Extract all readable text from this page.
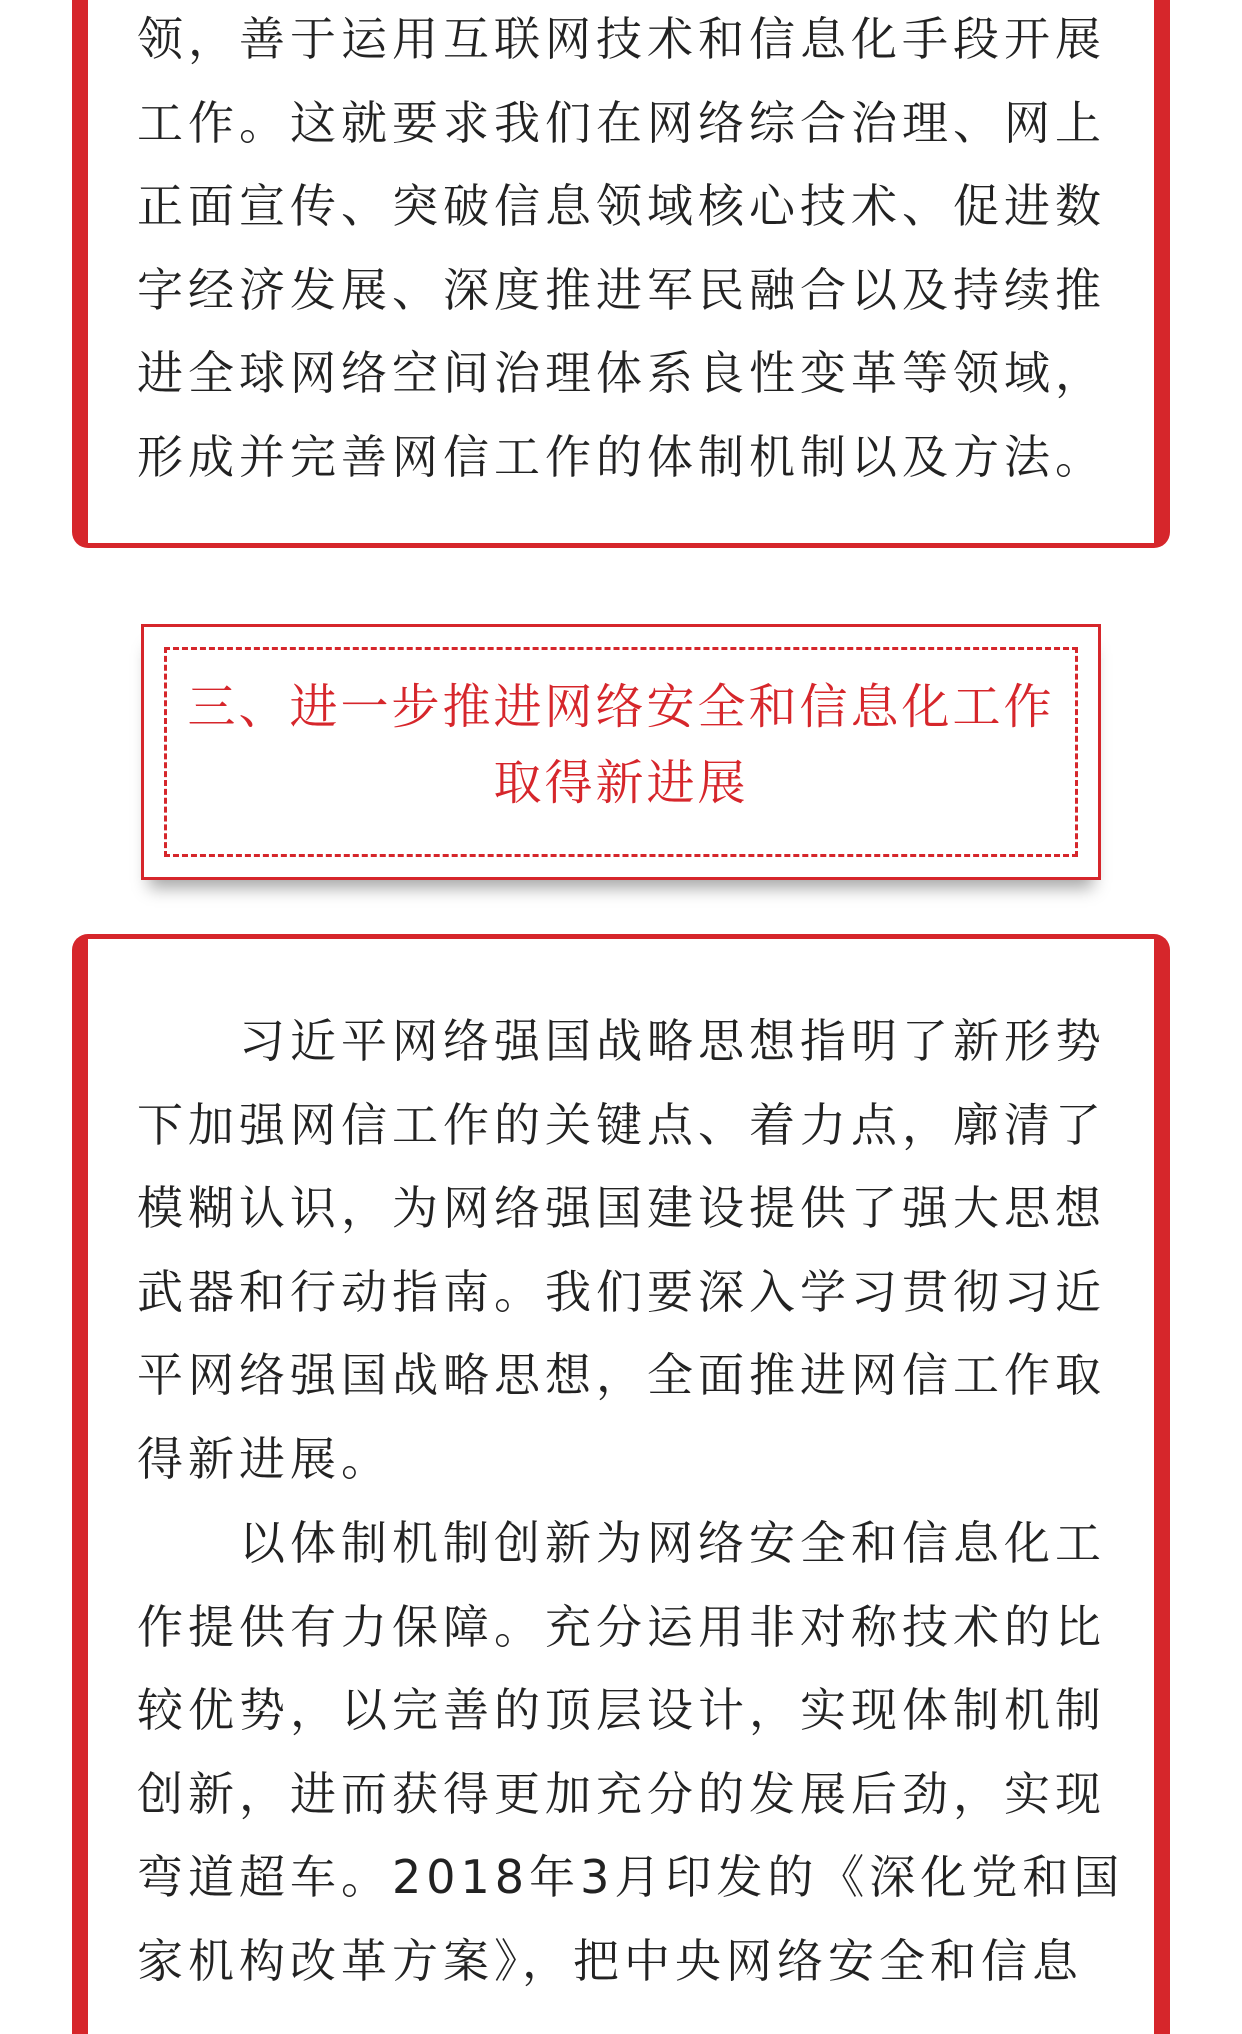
领，善于运用互联网技术和信息化手段开展
工作。这就要求我们在网络综合治理、网上
正面宣传、突破信息领域核心技术、促进数
字经济发展、深度推进军民融合以及持续推
进全球网络空间治理体系良性变革等领域，
形成并完善网信工作的体制机制以及方法。

三、进一步推进网络安全和信息化工作

取得新进展

习近平网络强国战略思想指明了新形势
下加强网信工作的关键点、着力点，廓清了
模糊认识，为网络强国建设提供了强大思想
武器和行动指南。我们要深入学习贯彻习近
平网络强国战略思想，全面推进网信工作取
得新进展。
以体制机制创新为网络安全和信息化工
作提供有力保障。充分运用非对称技术的比
较优势，以完善的顶层设计，实现体制机制
创新，进而获得更加充分的发展后劲，实现
弯道超车。2018年3月印发的《深化党和国
家机构改革方案》，把中央网络安全和信息
